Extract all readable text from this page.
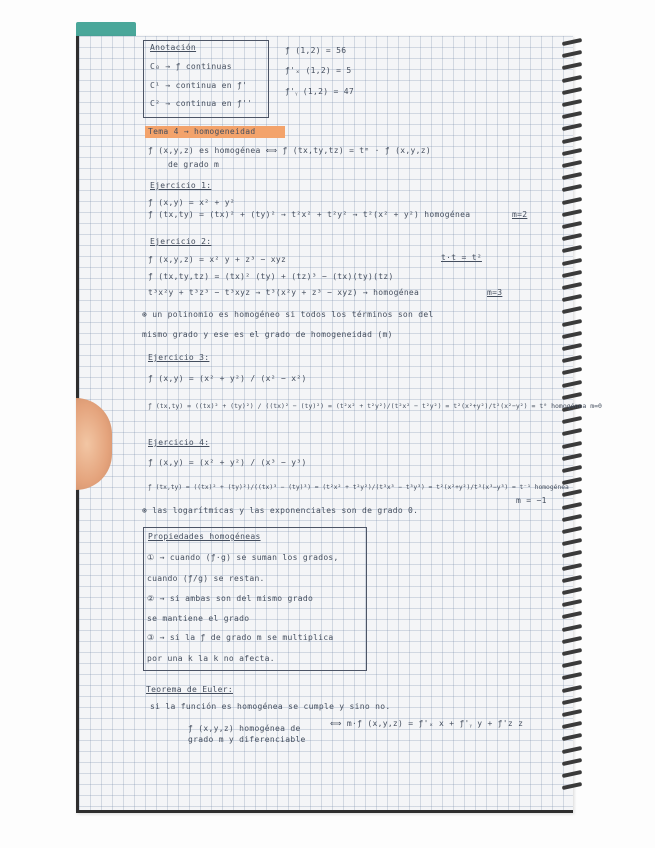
Anotación
C₀ → ƒ continuas
C¹ → continua en ƒ'
C² → continua en ƒ''
ƒ (1,2) = 56
ƒ'ₓ (1,2) = 5
ƒ'ᵧ (1,2) = 47
Tema 4 → homogeneidad
ƒ (x,y,z) es homogénea ⟺ ƒ (tx,ty,tz) = tᵐ · ƒ (x,y,z)
de grado m
Ejercicio 1:
ƒ (x,y) = x² + y²
ƒ (tx,ty) = (tx)² + (ty)² → t²x² + t²y² → t²(x² + y²) homogénea	m=2
Ejercicio 2:
t·t = t²
ƒ (x,y,z) = x² y + z³ − xyz
ƒ (tx,ty,tz) = (tx)² (ty) + (tz)³ − (tx)(ty)(tz)
t³x²y + t³z³ − t³xyz → t³(x²y + z³ − xyz) → homogénea	m=3
⊛ un polinomio es homogéneo si todos los términos son del
mismo grado y ese es el grado de homogeneidad (m)
Ejercicio 3:
ƒ (x,y) = (x² + y²) / (x² − x²)
ƒ (tx,ty) = ((tx)² + (ty)²) / ((tx)² − (ty)²) = (t²x² + t²y²)/(t²x² − t²y²) = t²(x²+y²)/t²(x²−y²) = t⁰ homogénea m=0
Ejercicio 4:
ƒ (x,y) = (x² + y²) / (x³ − y³)
ƒ (tx,ty) = ((tx)² + (ty)²)/((tx)³ − (ty)³) = (t²x² + t²y²)/(t³x³ − t³y³) = t²(x²+y²)/t³(x³−y³) = t⁻¹ homogénea
m = −1
⊛ las logarítmicas y las exponenciales son de grado 0.
Propiedades homogéneas
① → cuando (ƒ·g) se suman los grados,
cuando (ƒ/g) se restan.
② → si ambas son del mismo grado
se mantiene el grado
③ → si la ƒ de grado m se multiplica
por una k la k no afecta.
Teorema de Euler:
si la función es homogénea se cumple y sino no.
ƒ (x,y,z) homogénea de
grado m y diferenciable
⟺ m·ƒ (x,y,z) = ƒ'ₓ x + ƒ'ᵧ y + ƒ'z z
